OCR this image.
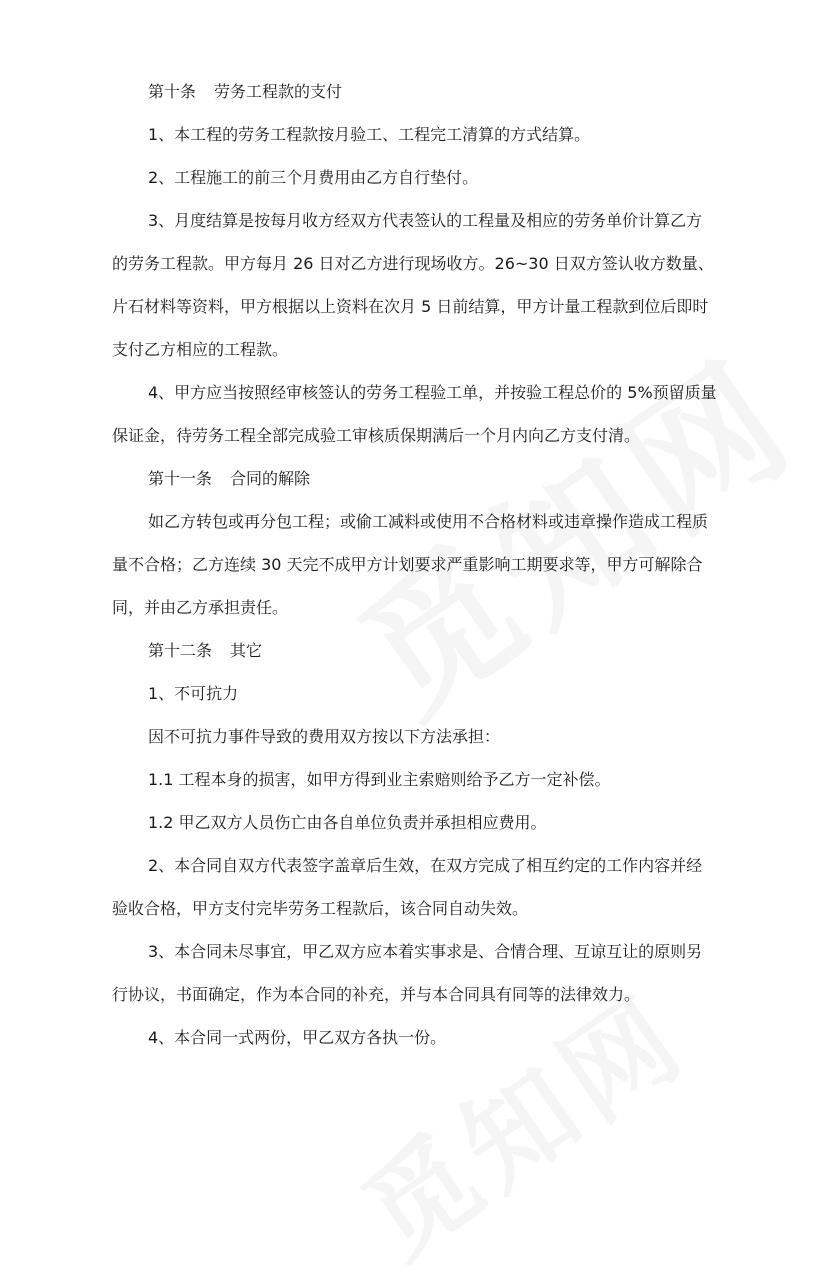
第十条 劳务工程款的支付
1、本工程的劳务工程款按月验工、工程完工清算的方式结算。
2、工程施工的前三个月费用由乙方自行垫付。
3、月度结算是按每月收方经双方代表签认的工程量及相应的劳务单价计算乙方
的劳务工程款。甲方每月 26 日对乙方进行现场收方。26~30 日双方签认收方数量、
片石材料等资料，甲方根据以上资料在次月 5 日前结算，甲方计量工程款到位后即时
支付乙方相应的工程款。
4、甲方应当按照经审核签认的劳务工程验工单，并按验工程总价的 5%预留质量
保证金，待劳务工程全部完成验工审核质保期满后一个月内向乙方支付清。
第十一条 合同的解除
如乙方转包或再分包工程；或偷工减料或使用不合格材料或违章操作造成工程质
量不合格；乙方连续 30 天完不成甲方计划要求严重影响工期要求等，甲方可解除合
同，并由乙方承担责任。
第十二条 其它
1、不可抗力
因不可抗力事件导致的费用双方按以下方法承担：
1.1 工程本身的损害，如甲方得到业主索赔则给予乙方一定补偿。
1.2 甲乙双方人员伤亡由各自单位负责并承担相应费用。
2、本合同自双方代表签字盖章后生效，在双方完成了相互约定的工作内容并经
验收合格，甲方支付完毕劳务工程款后，该合同自动失效。
3、本合同未尽事宜，甲乙双方应本着实事求是、合情合理、互谅互让的原则另
行协议，书面确定，作为本合同的补充，并与本合同具有同等的法律效力。
4、本合同一式两份，甲乙双方各执一份。
